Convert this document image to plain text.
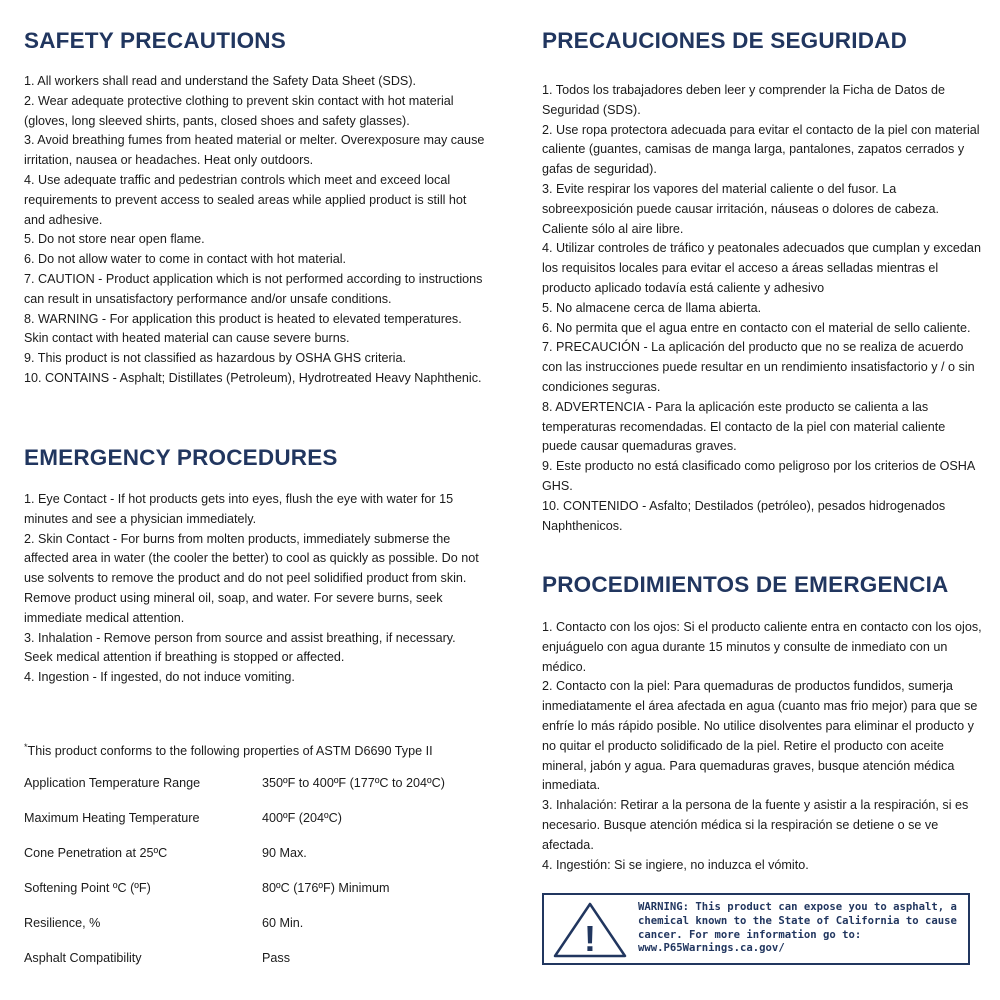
SAFETY PRECAUTIONS

1. All workers shall read and understand the Safety Data Sheet (SDS).

2. Wear adequate protective clothing to prevent skin contact with hot material (gloves, long sleeved shirts, pants, closed shoes and safety glasses).

3. Avoid breathing fumes from heated material or melter. Overexposure may cause irritation, nausea or headaches. Heat only outdoors.

4. Use adequate traffic and pedestrian controls which meet and exceed local requirements to prevent access to sealed areas while applied product is still hot and adhesive.

5. Do not store near open flame.

6. Do not allow water to come in contact with hot material.

7. CAUTION - Product application which is not performed according to instructions can result in unsatisfactory performance and/or unsafe conditions.

8. WARNING - For application this product is heated to elevated temperatures. Skin contact with heated material can cause severe burns.

9. This product is not classified as hazardous by OSHA GHS criteria.

10. CONTAINS - Asphalt; Distillates (Petroleum), Hydrotreated Heavy Naphthenic.

EMERGENCY PROCEDURES

1. Eye Contact - If hot products gets into eyes, flush the eye with water for 15 minutes and see a physician immediately.

2. Skin Contact - For burns from molten products, immediately submerse the affected area in water (the cooler the better) to cool as quickly as possible. Do not use solvents to remove the product and do not peel solidified product from skin. Remove product using mineral oil, soap, and water. For severe burns, seek immediate medical attention.

3. Inhalation - Remove person from source and assist breathing, if necessary. Seek medical attention if breathing is stopped or affected.

4. Ingestion - If ingested, do not induce vomiting.

*This product conforms to the following properties of ASTM D6690 Type II
Application Temperature Range	350ºF to 400ºF (177ºC to 204ºC)
Maximum Heating Temperature	400ºF (204ºC)
Cone Penetration at 25ºC	90 Max.
Softening Point ºC (ºF)	80ºC (176ºF) Minimum
Resilience, %	60 Min.
Asphalt Compatibility	Pass
PRECAUCIONES DE SEGURIDAD

1. Todos los trabajadores deben leer y comprender la Ficha de Datos de Seguridad (SDS).

2. Use ropa protectora adecuada para evitar el contacto de la piel con material caliente (guantes, camisas de manga larga, pantalones, zapatos cerrados y gafas de seguridad).

3. Evite respirar los vapores del material caliente o del fusor. La sobreexposición puede causar irritación, náuseas o dolores de cabeza. Caliente sólo al aire libre.

4. Utilizar controles de tráfico y peatonales adecuados que cumplan y excedan los requisitos locales para evitar el acceso a áreas selladas mientras el producto aplicado todavía está caliente y adhesivo

5. No almacene cerca de llama abierta.

6. No permita que el agua entre en contacto con el material de sello caliente.

7. PRECAUCIÓN - La aplicación del producto que no se realiza de acuerdo con las instrucciones puede resultar en un rendimiento insatisfactorio y / o sin condiciones seguras.

8. ADVERTENCIA - Para la aplicación este producto se calienta a las temperaturas recomendadas. El contacto de la piel con material caliente puede causar quemaduras graves.

9. Este producto no está clasificado como peligroso por los criterios de OSHA GHS.

10. CONTENIDO - Asfalto; Destilados (petróleo), pesados hidrogenados Naphthenicos.

PROCEDIMIENTOS DE EMERGENCIA

1. Contacto con los ojos: Si el producto caliente entra en contacto con los ojos, enjuáguelo con agua durante 15 minutos y consulte de inmediato con un médico.

2. Contacto con la piel: Para quemaduras de productos fundidos, sumerja inmediatamente el área afectada en agua (cuanto mas frio mejor) para que se enfríe lo más rápido posible. No utilice disolventes para eliminar el producto y no quitar el producto solidificado de la piel. Retire el producto con aceite mineral, jabón y agua. Para quemaduras graves, busque atención médica inmediata.

3. Inhalación: Retirar a la persona de la fuente y asistir a la respiración, si es necesario. Busque atención médica si la respiración se detiene o se ve afectada.

4. Ingestión: Si se ingiere, no induzca el vómito.

!
WARNING: This product can expose you to asphalt, a chemical known to the State of California to cause cancer. For more information go to: www.P65Warnings.ca.gov/
